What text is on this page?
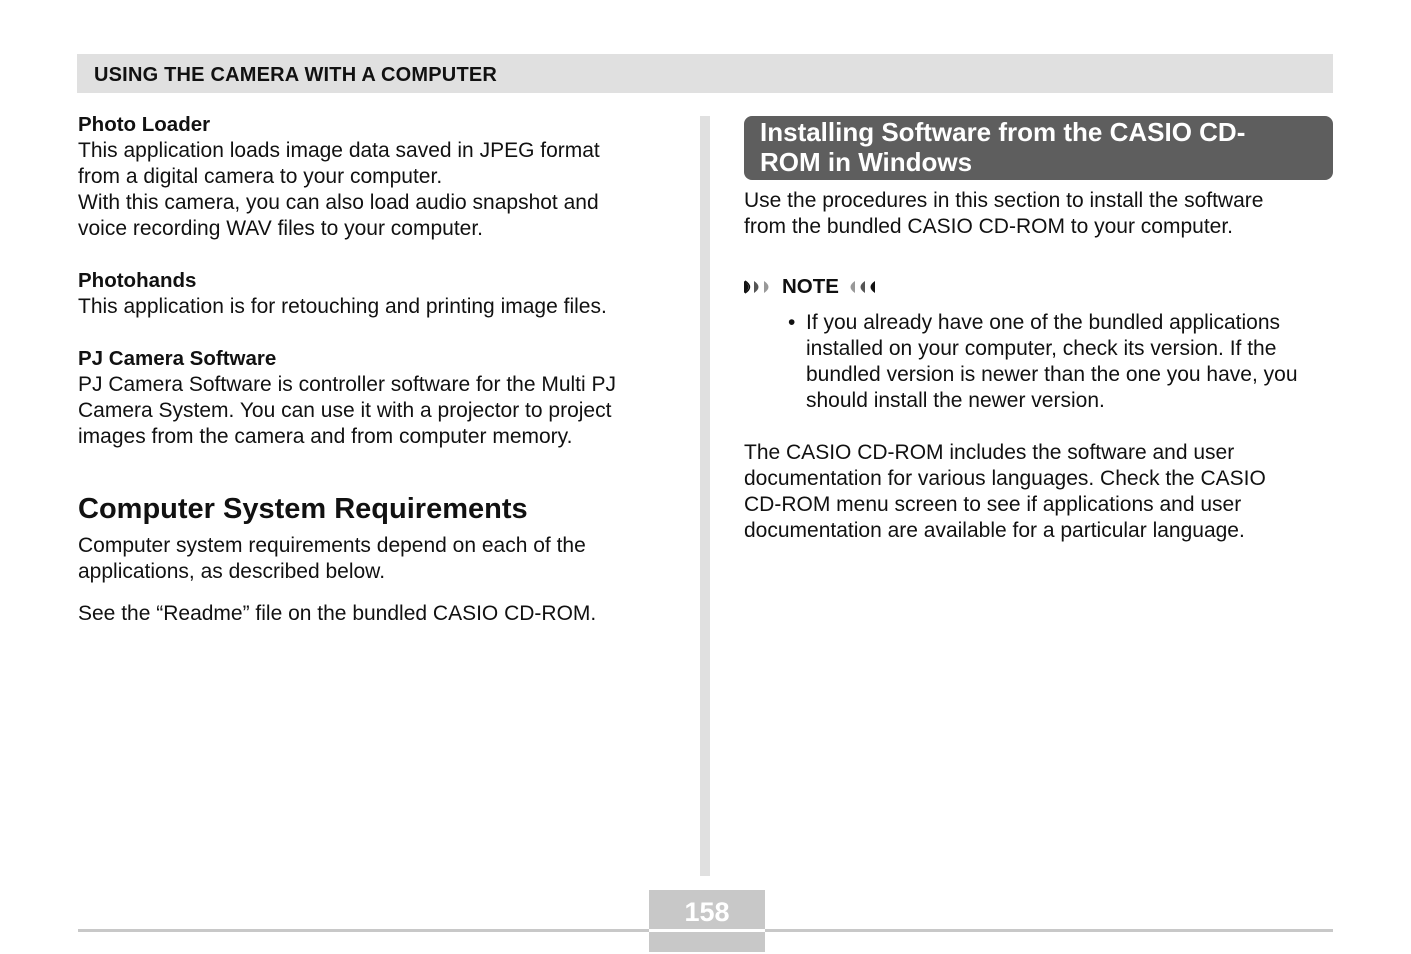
USING THE CAMERA WITH A COMPUTER

Photo Loader

This application loads image data saved in JPEG format

from a digital camera to your computer.

With this camera, you can also load audio snapshot and

voice recording WAV files to your computer.

Photohands

This application is for retouching and printing image files.

PJ Camera Software

PJ Camera Software is controller software for the Multi PJ

Camera System. You can use it with a projector to project

images from the camera and from computer memory.

Computer System Requirements

Computer system requirements depend on each of the

applications, as described below.

See the “Readme” file on the bundled CASIO CD-ROM.

Installing Software from the CASIO CD-
ROM in Windows

Use the procedures in this section to install the software

from the bundled CASIO CD-ROM to your computer.

NOTE
• If you already have one of the bundled applications
installed on your computer, check its version. If the
bundled version is newer than the one you have, you
should install the newer version.

The CASIO CD-ROM includes the software and user

documentation for various languages. Check the CASIO

CD-ROM menu screen to see if applications and user

documentation are available for a particular language.

158
